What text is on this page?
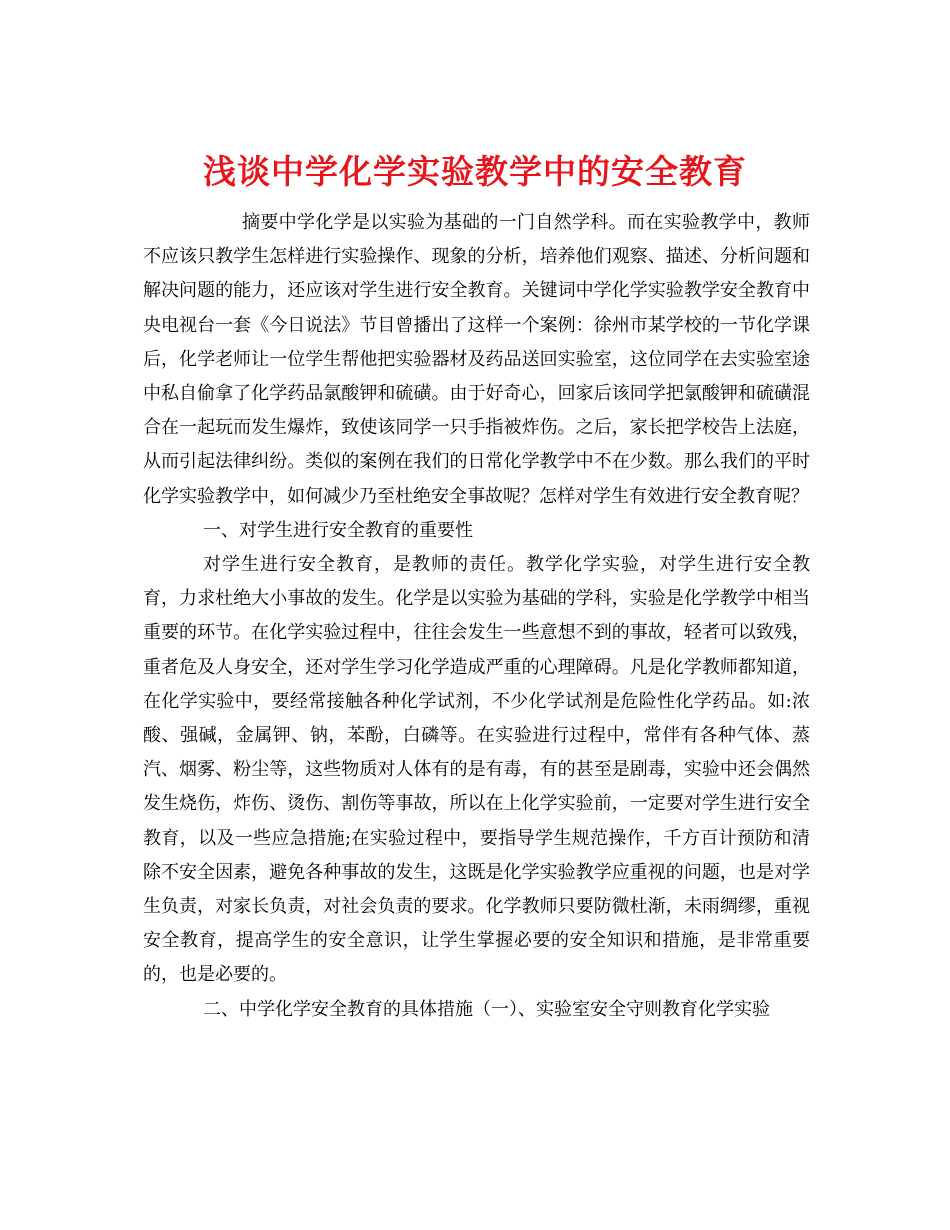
浅谈中学化学实验教学中的安全教育

摘要中学化学是以实验为基础的一门自然学科。而在实验教学中，教师不应该只教学生怎样进行实验操作、现象的分析，培养他们观察、描述、分析问题和解决问题的能力，还应该对学生进行安全教育。关键词中学化学实验教学安全教育中央电视台一套《今日说法》节目曾播出了这样一个案例：徐州市某学校的一节化学课后，化学老师让一位学生帮他把实验器材及药品送回实验室，这位同学在去实验室途中私自偷拿了化学药品氯酸钾和硫磺。由于好奇心，回家后该同学把氯酸钾和硫磺混合在一起玩而发生爆炸，致使该同学一只手指被炸伤。之后，家长把学校告上法庭，从而引起法律纠纷。类似的案例在我们的日常化学教学中不在少数。那么我们的平时化学实验教学中，如何减少乃至杜绝安全事故呢？怎样对学生有效进行安全教育呢？

一、对学生进行安全教育的重要性

对学生进行安全教育，是教师的责任。教学化学实验，对学生进行安全教育，力求杜绝大小事故的发生。化学是以实验为基础的学科，实验是化学教学中相当重要的环节。在化学实验过程中，往往会发生一些意想不到的事故，轻者可以致残，重者危及人身安全，还对学生学习化学造成严重的心理障碍。凡是化学教师都知道，在化学实验中，要经常接触各种化学试剂，不少化学试剂是危险性化学药品。如:浓酸、强碱，金属钾、钠，苯酚，白磷等。在实验进行过程中，常伴有各种气体、蒸汽、烟雾、粉尘等，这些物质对人体有的是有毒，有的甚至是剧毒，实验中还会偶然发生烧伤，炸伤、烫伤、割伤等事故，所以在上化学实验前，一定要对学生进行安全教育，以及一些应急措施;在实验过程中，要指导学生规范操作，千方百计预防和清除不安全因素，避免各种事故的发生，这既是化学实验教学应重视的问题，也是对学生负责，对家长负责，对社会负责的要求。化学教师只要防微杜渐，未雨绸缪，重视安全教育，提高学生的安全意识，让学生掌握必要的安全知识和措施，是非常重要的，也是必要的。

二、中学化学安全教育的具体措施（一）、实验室安全守则教育化学实验
